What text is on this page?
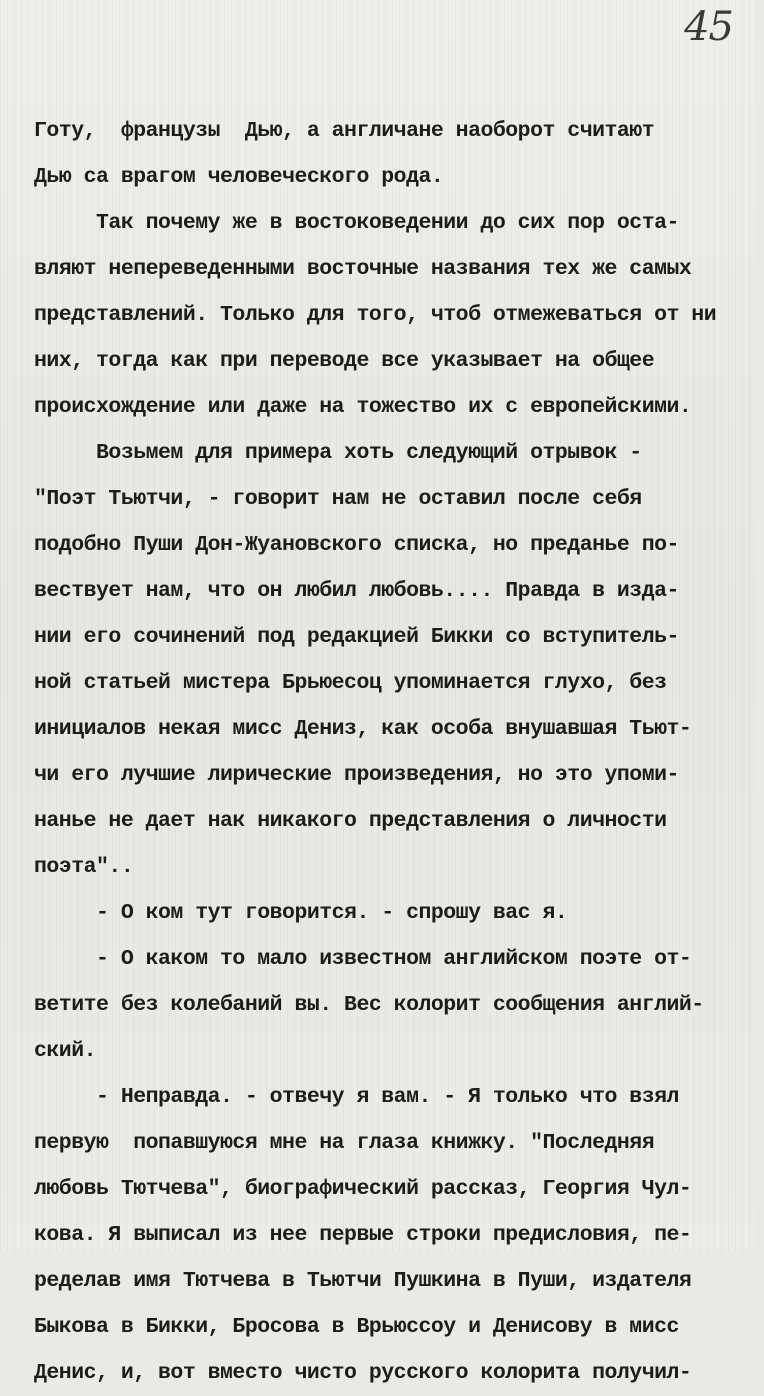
45
Готу,  французы  Дью, а англичане наоборот считают
Дью са врагом человеческого рода.
Так почему же в востоковедении до сих пор оста-
вляют непереведенными восточные названия тех же самых
представлений. Только для того, чтоб отмежеваться от ни
них, тогда как при переводе все указывает на общее
происхождение или даже на тожество их с европейскими.
Возьмем для примера хоть следующий отрывок -
"Поэт Тьютчи, - говорит нам не оставил после себя
подобно Пуши Дон-Жуановского списка, но преданье по-
вествует нам, что он любил любовь.... Правда в изда-
нии его сочинений под редакцией Бикки со вступитель-
ной статьей мистера Брьюесоц упоминается глухо, без
инициалов некая мисс Дениз, как особа внушавшая Тьют-
чи его лучшие лирические произведения, но это упоми-
нанье не дает нак никакого представления о личности
поэта"..
- О ком тут говорится. - спрошу вас я.
- О каком то мало известном английском поэте от-
ветите без колебаний вы. Вес колорит сообщения англий-
ский.
- Неправда. - отвечу я вам. - Я только что взял
первую  попавшуюся мне на глаза книжку. "Последняя
любовь Тютчева", биографический рассказ, Георгия Чул-
кова. Я выписал из нее первые строки предисловия, пе-
ределав имя Тютчева в Тьютчи Пушкина в Пуши, издателя
Быкова в Бикки, Бросова в Врьюссоу и Денисову в мисс
Денис, и, вот вместо чисто русского колорита получил-
